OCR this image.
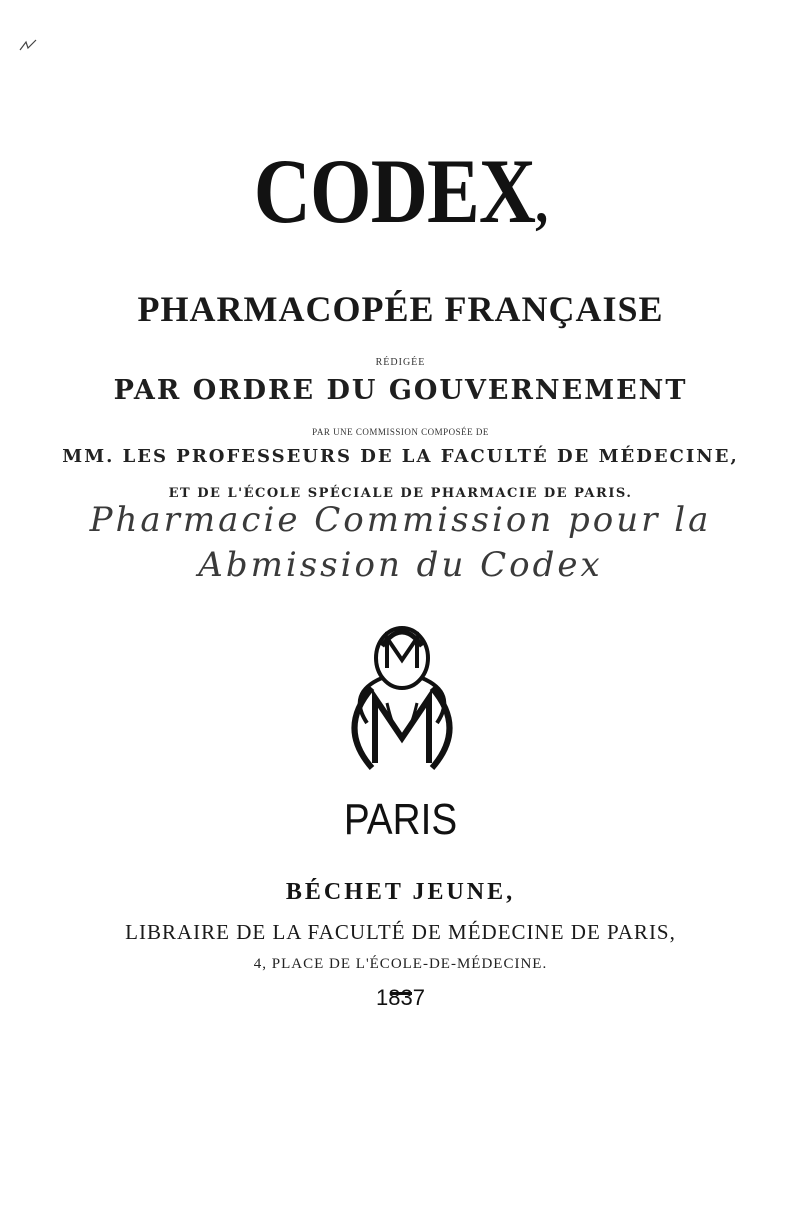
CODEX,
PHARMACOPÉE FRANÇAISE
RÉDIGÉE
PAR ORDRE DU GOUVERNEMENT
PAR UNE COMMISSION COMPOSÉE DE
MM. LES PROFESSEURS DE LA FACULTÉ DE MÉDECINE,
ET DE L'ÉCOLE SPÉCIALE DE PHARMACIE DE PARIS.
Pharmacie Commission pour la
Abmission du Codex
PARIS
BÉCHET JEUNE,
LIBRAIRE DE LA FACULTÉ DE MÉDECINE DE PARIS,
4, PLACE DE L'ÉCOLE-DE-MÉDECINE.
1837
